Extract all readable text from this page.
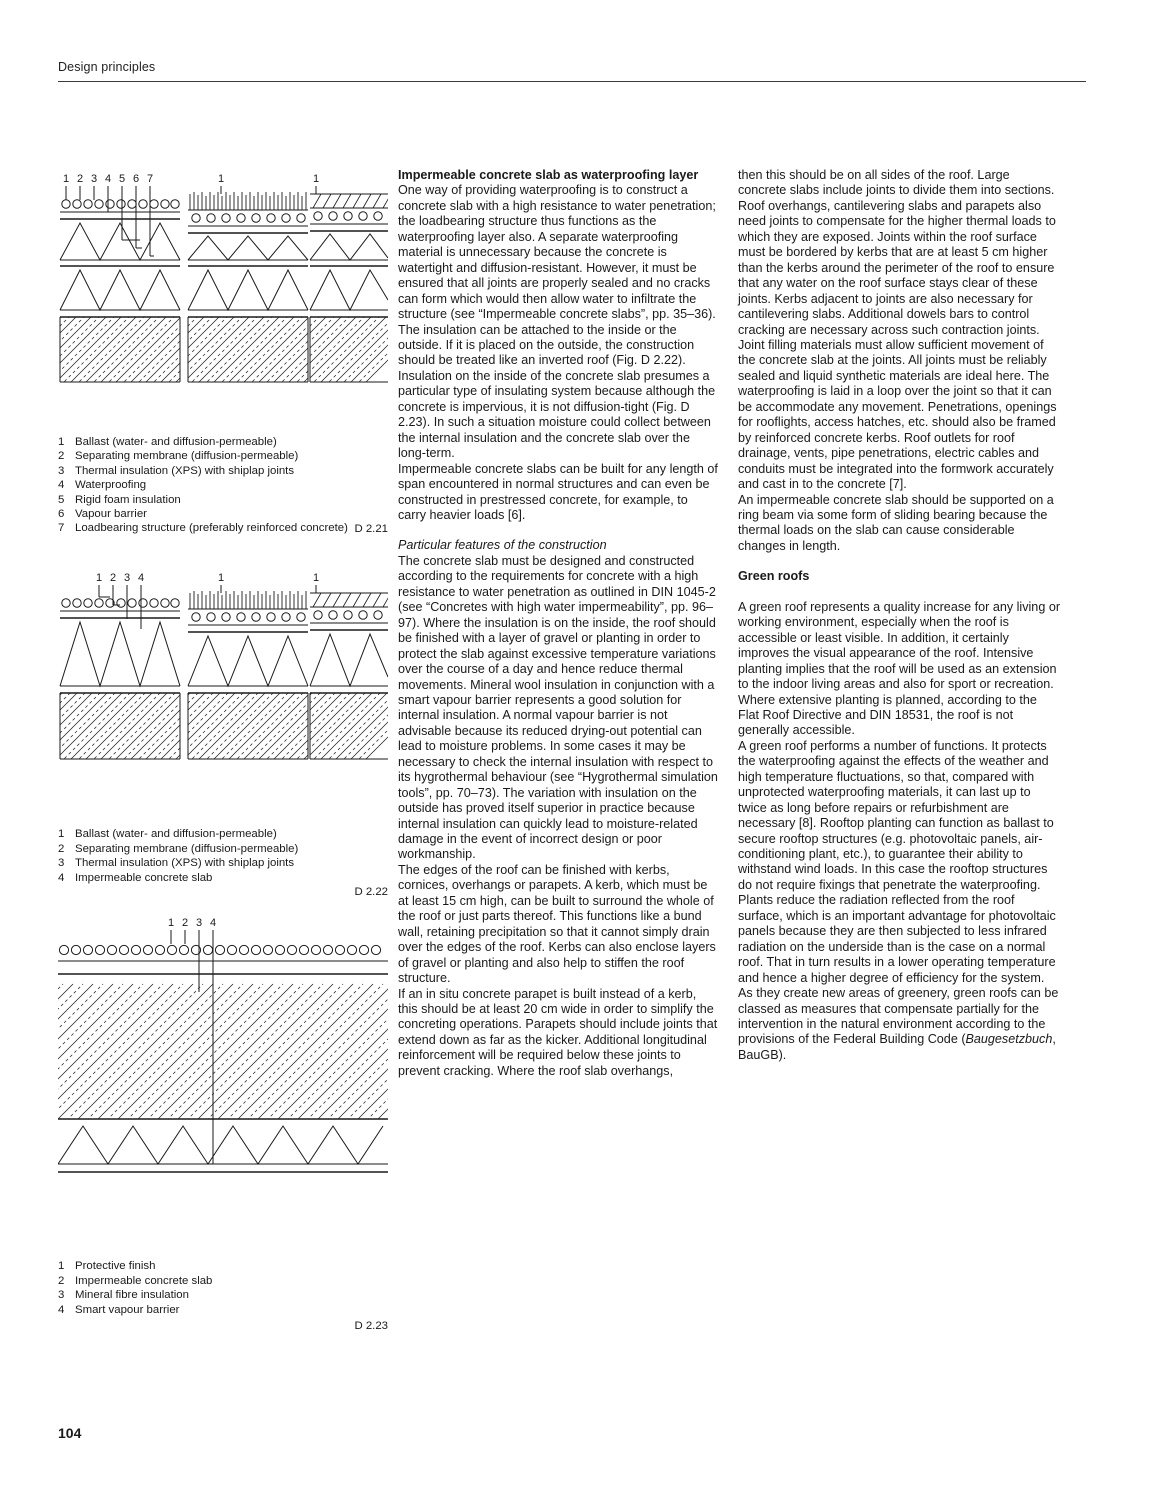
Design principles
1 2 3 4 5 6 7	1	1
1 Ballast (water- and diffusion-permeable)
2 Separating membrane (diffusion-permeable)
3 Thermal insulation (XPS) with shiplap joints
4 Waterproofing
5 Rigid foam insulation
6 Vapour barrier
7 Loadbearing structure (preferably reinforced concrete) D 2.21
1 2 3 4	1	1
1 Ballast (water- and diffusion-permeable)
2 Separating membrane (diffusion-permeable)
3 Thermal insulation (XPS) with shiplap joints
4 Impermeable concrete slab
D 2.22
1 2 3 4
1 Protective finish
2 Impermeable concrete slab
3 Mineral fibre insulation
4 Smart vapour barrier
D 2.23

Impermeable concrete slab as waterproofing layer

One way of providing waterproofing is to construct a concrete slab with a high resistance to water penetration; the loadbearing structure thus functions as the waterproofing layer also. A separate waterproofing material is unnecessary because the concrete is watertight and diffusion-resistant. However, it must be ensured that all joints are properly sealed and no cracks can form which would then allow water to infiltrate the structure (see “Impermeable concrete slabs”, pp. 35–36).

The insulation can be attached to the inside or the outside. If it is placed on the outside, the construction should be treated like an inverted roof (Fig. D 2.22). Insulation on the inside of the concrete slab presumes a particular type of insulating system because although the concrete is impervious, it is not diffusion-tight (Fig. D 2.23). In such a situation moisture could collect between the internal insulation and the concrete slab over the long-term.

Impermeable concrete slabs can be built for any length of span encountered in normal structures and can even be constructed in prestressed concrete, for example, to carry heavier loads [6].

Particular features of the construction

The concrete slab must be designed and constructed according to the requirements for concrete with a high resistance to water penetration as outlined in DIN 1045-2 (see “Concretes with high water impermeability”, pp. 96–97). Where the insulation is on the inside, the roof should be finished with a layer of gravel or planting in order to protect the slab against excessive temperature variations over the course of a day and hence reduce thermal movements. Mineral wool insulation in conjunction with a smart vapour barrier represents a good solution for internal insulation. A normal vapour barrier is not advisable because its reduced drying-out potential can lead to moisture problems. In some cases it may be necessary to check the internal insulation with respect to its hygrothermal behaviour (see “Hygrothermal simulation tools”, pp. 70–73). The variation with insulation on the outside has proved itself superior in practice because internal insulation can quickly lead to moisture-related damage in the event of incorrect design or poor workmanship.

The edges of the roof can be finished with kerbs, cornices, overhangs or parapets. A kerb, which must be at least 15 cm high, can be built to surround the whole of the roof or just parts thereof. This functions like a bund wall, retaining precipitation so that it cannot simply drain over the edges of the roof. Kerbs can also enclose layers of gravel or planting and also help to stiffen the roof structure.

If an in situ concrete parapet is built instead of a kerb, this should be at least 20 cm wide in order to simplify the concreting operations. Parapets should include joints that extend down as far as the kicker. Additional longitudinal reinforcement will be required below these joints to prevent cracking. Where the roof slab overhangs,

then this should be on all sides of the roof. Large concrete slabs include joints to divide them into sections. Roof overhangs, cantilevering slabs and parapets also need joints to compensate for the higher thermal loads to which they are exposed. Joints within the roof surface must be bordered by kerbs that are at least 5 cm higher than the kerbs around the perimeter of the roof to ensure that any water on the roof surface stays clear of these joints. Kerbs adjacent to joints are also necessary for cantilevering slabs. Additional dowels bars to control cracking are necessary across such contraction joints. Joint filling materials must allow sufficient movement of the concrete slab at the joints. All joints must be reliably sealed and liquid synthetic materials are ideal here. The waterproofing is laid in a loop over the joint so that it can be accommodate any movement. Penetrations, openings for rooflights, access hatches, etc. should also be framed by reinforced concrete kerbs. Roof outlets for roof drainage, vents, pipe penetrations, electric cables and conduits must be integrated into the formwork accurately and cast in to the concrete [7].

An impermeable concrete slab should be supported on a ring beam via some form of sliding bearing because the thermal loads on the slab can cause considerable changes in length.

Green roofs

A green roof represents a quality increase for any living or working environment, especially when the roof is accessible or least visible. In addition, it certainly improves the visual appearance of the roof. Intensive planting implies that the roof will be used as an extension to the indoor living areas and also for sport or recreation. Where extensive planting is planned, according to the Flat Roof Directive and DIN 18531, the roof is not generally accessible.

A green roof performs a number of functions. It protects the waterproofing against the effects of the weather and high temperature fluctuations, so that, compared with unprotected waterproofing materials, it can last up to twice as long before repairs or refurbishment are necessary [8]. Rooftop planting can function as ballast to secure rooftop structures (e.g. photovoltaic panels, air-conditioning plant, etc.), to guarantee their ability to withstand wind loads. In this case the rooftop structures do not require fixings that penetrate the waterproofing. Plants reduce the radiation reflected from the roof surface, which is an important advantage for photovoltaic panels because they are then subjected to less infrared radiation on the underside than is the case on a normal roof. That in turn results in a lower operating temperature and hence a higher degree of efficiency for the system.

As they create new areas of greenery, green roofs can be classed as measures that compensate partially for the intervention in the natural environment according to the provisions of the Federal Building Code (Baugesetzbuch, BauGB).

104
